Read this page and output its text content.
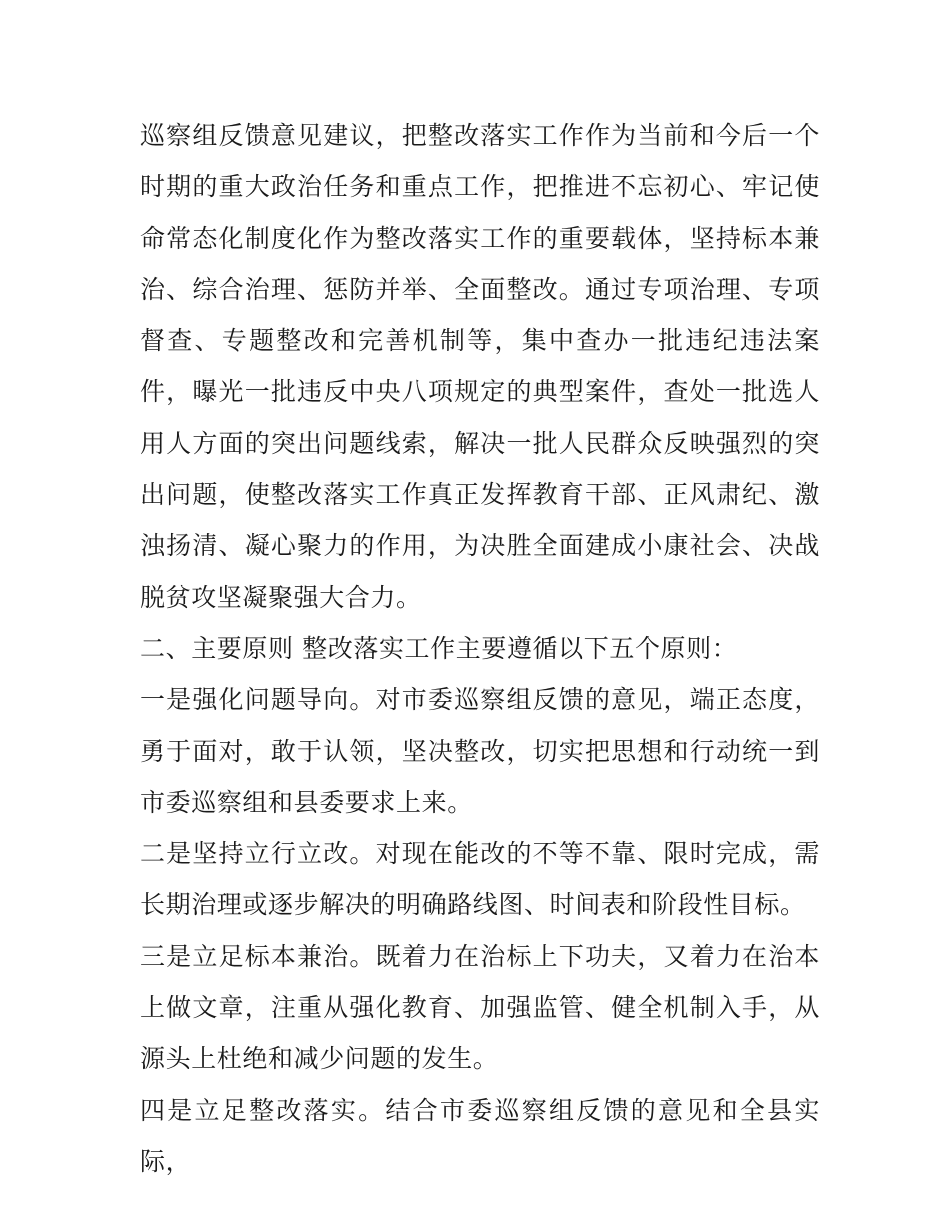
巡察组反馈意见建议，把整改落实工作作为当前和今后一个时期的重大政治任务和重点工作，把推进不忘初心、牢记使命常态化制度化作为整改落实工作的重要载体，坚持标本兼治、综合治理、惩防并举、全面整改。通过专项治理、专项督查、专题整改和完善机制等，集中查办一批违纪违法案件，曝光一批违反中央八项规定的典型案件，查处一批选人用人方面的突出问题线索，解决一批人民群众反映强烈的突出问题，使整改落实工作真正发挥教育干部、正风肃纪、激浊扬清、凝心聚力的作用，为决胜全面建成小康社会、决战脱贫攻坚凝聚强大合力。

二、主要原则 整改落实工作主要遵循以下五个原则：

一是强化问题导向。对市委巡察组反馈的意见，端正态度，勇于面对，敢于认领，坚决整改，切实把思想和行动统一到市委巡察组和县委要求上来。

二是坚持立行立改。对现在能改的不等不靠、限时完成，需长期治理或逐步解决的明确路线图、时间表和阶段性目标。

三是立足标本兼治。既着力在治标上下功夫，又着力在治本上做文章，注重从强化教育、加强监管、健全机制入手，从源头上杜绝和减少问题的发生。

四是立足整改落实。结合市委巡察组反馈的意见和全县实际，
